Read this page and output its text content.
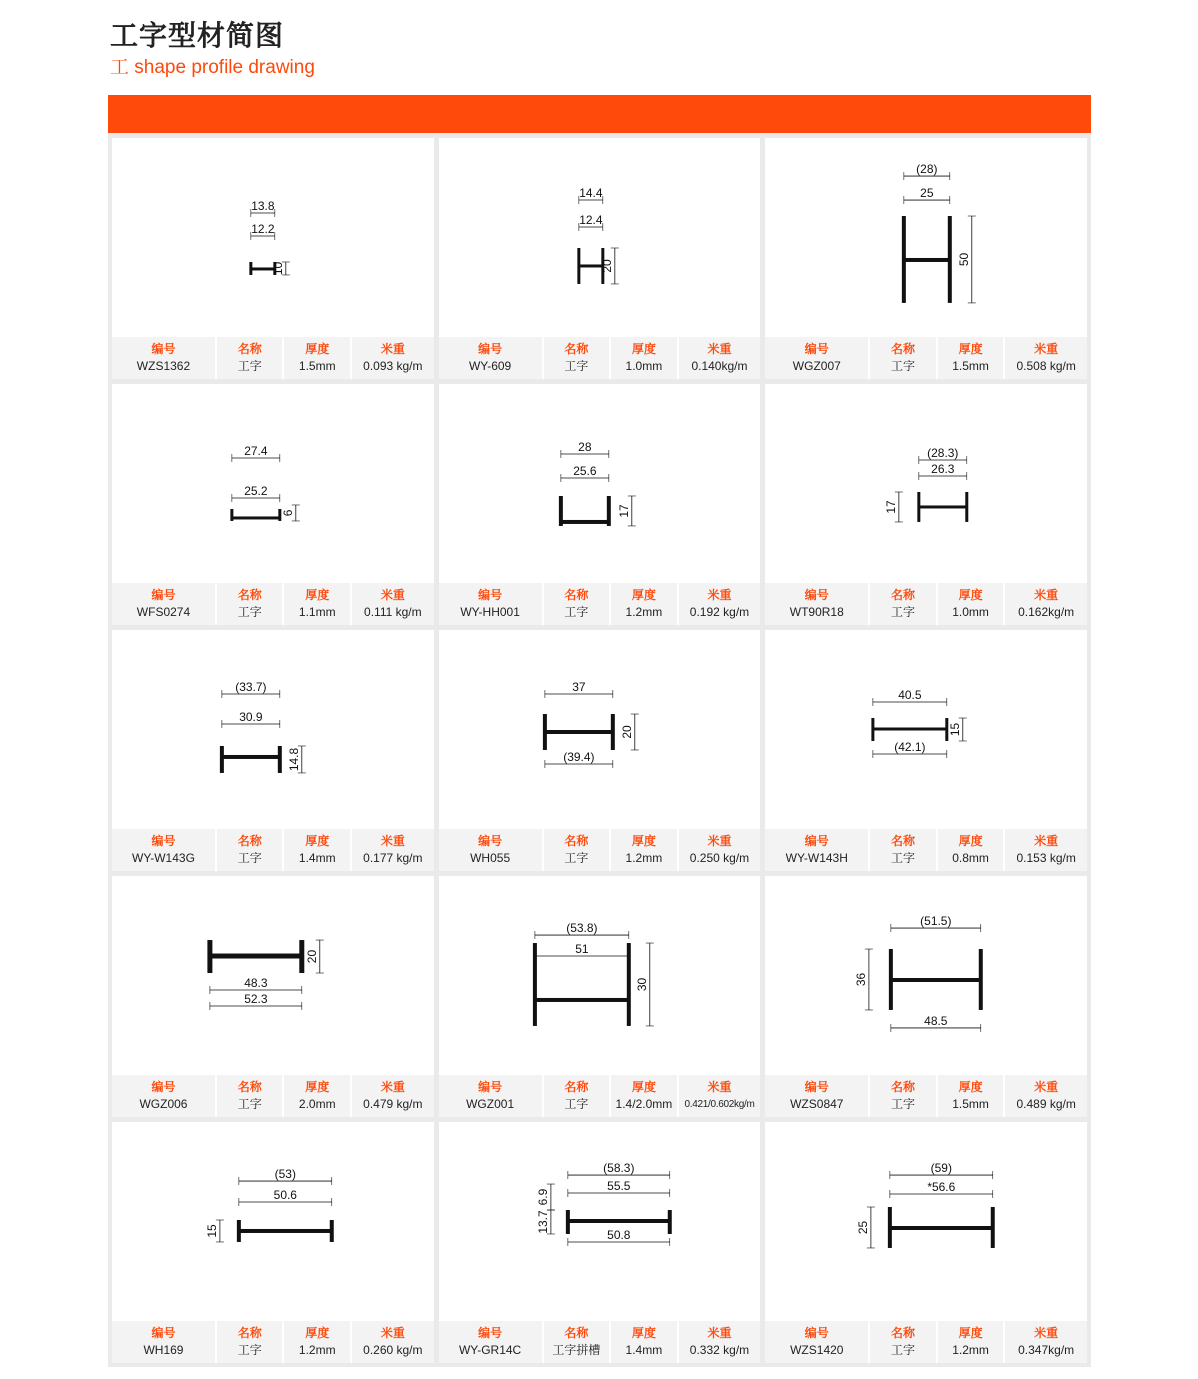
工字型材简图
工 shape profile drawing
13.8
12.2
10
编号
WZS1362
名称
工字
厚度
1.5mm
米重
0.093 kg/m
14.4
12.4
20
编号
WY-609
名称
工字
厚度
1.0mm
米重
0.140kg/m
(28)
25
50
编号
WGZ007
名称
工字
厚度
1.5mm
米重
0.508 kg/m
27.4
25.2
6
编号
WFS0274
名称
工字
厚度
1.1mm
米重
0.111 kg/m
28
25.6
17
编号
WY-HH001
名称
工字
厚度
1.2mm
米重
0.192 kg/m
(28.3)
26.3
17
编号
WT90R18
名称
工字
厚度
1.0mm
米重
0.162kg/m
(33.7)
30.9
14.8
编号
WY-W143G
名称
工字
厚度
1.4mm
米重
0.177 kg/m
37
(39.4)
20
编号
WH055
名称
工字
厚度
1.2mm
米重
0.250 kg/m
40.5
(42.1)
15
编号
WY-W143H
名称
工字
厚度
0.8mm
米重
0.153 kg/m
48.3
52.3
20
编号
WGZ006
名称
工字
厚度
2.0mm
米重
0.479 kg/m
(53.8)
51
30
编号
WGZ001
名称
工字
厚度
1.4/2.0mm
米重
0.421/0.602kg/m
(51.5)
48.5
36
编号
WZS0847
名称
工字
厚度
1.5mm
米重
0.489 kg/m
(53)
50.6
15
编号
WH169
名称
工字
厚度
1.2mm
米重
0.260 kg/m
(58.3)
55.5
50.8
6.9
13.7
编号
WY-GR14C
名称
工字拼槽
厚度
1.4mm
米重
0.332 kg/m
(59)
*56.6
25
编号
WZS1420
名称
工字
厚度
1.2mm
米重
0.347kg/m
